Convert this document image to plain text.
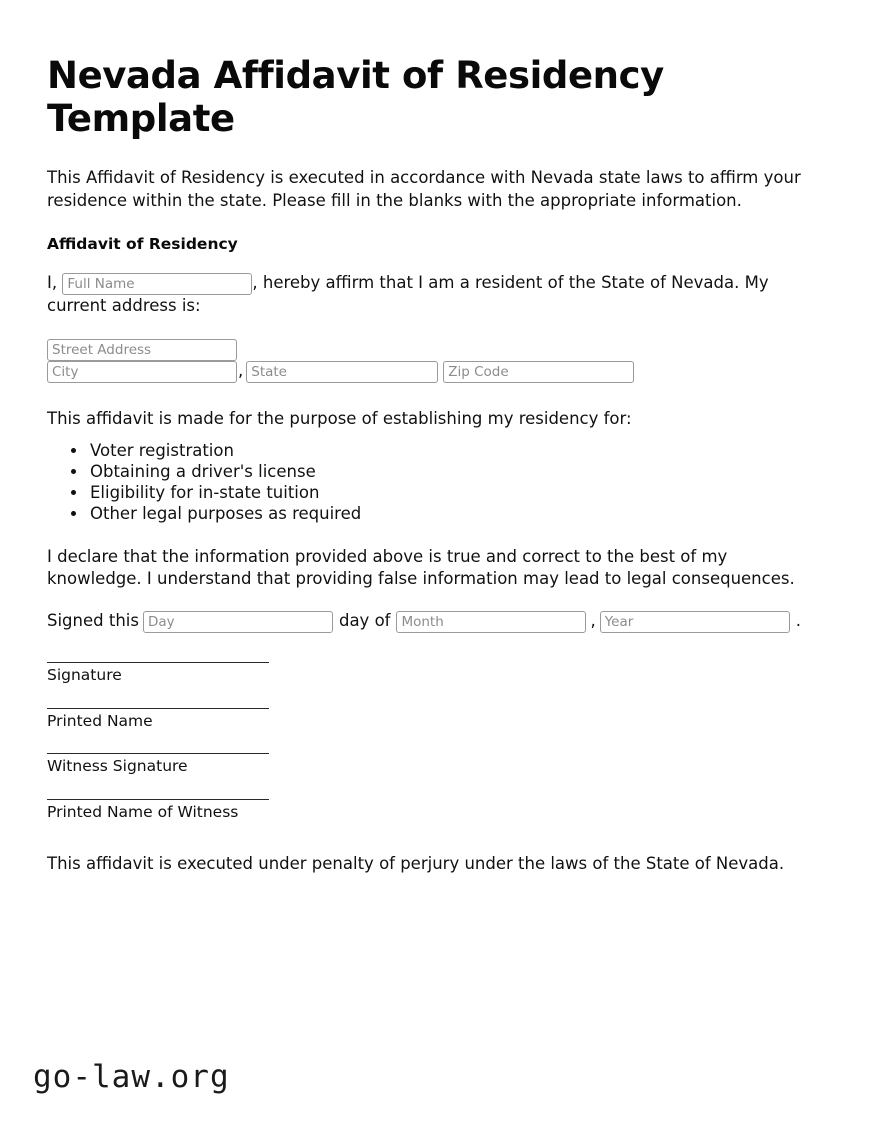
Nevada Affidavit of Residency Template

This Affidavit of Residency is executed in accordance with Nevada state laws to affirm your residence within the state. Please fill in the blanks with the appropriate information.

Affidavit of Residency

I, Full Name	, hereby affirm that I am a resident of the State of Nevada. My current address is:

Street Address
City,StateZip Code

This affidavit is made for the purpose of establishing my residency for:

• Voter registration
• Obtaining a driver's license
• Eligibility for in-state tuition
• Other legal purposes as required

I declare that the information provided above is true and correct to the best of my knowledge. I understand that providing false information may lead to legal consequences.

Signed thisDay	day ofMonth	,Year	.
Signature
Printed Name
Witness Signature
Printed Name of Witness

This affidavit is executed under penalty of perjury under the laws of the State of Nevada.

go-law.org
